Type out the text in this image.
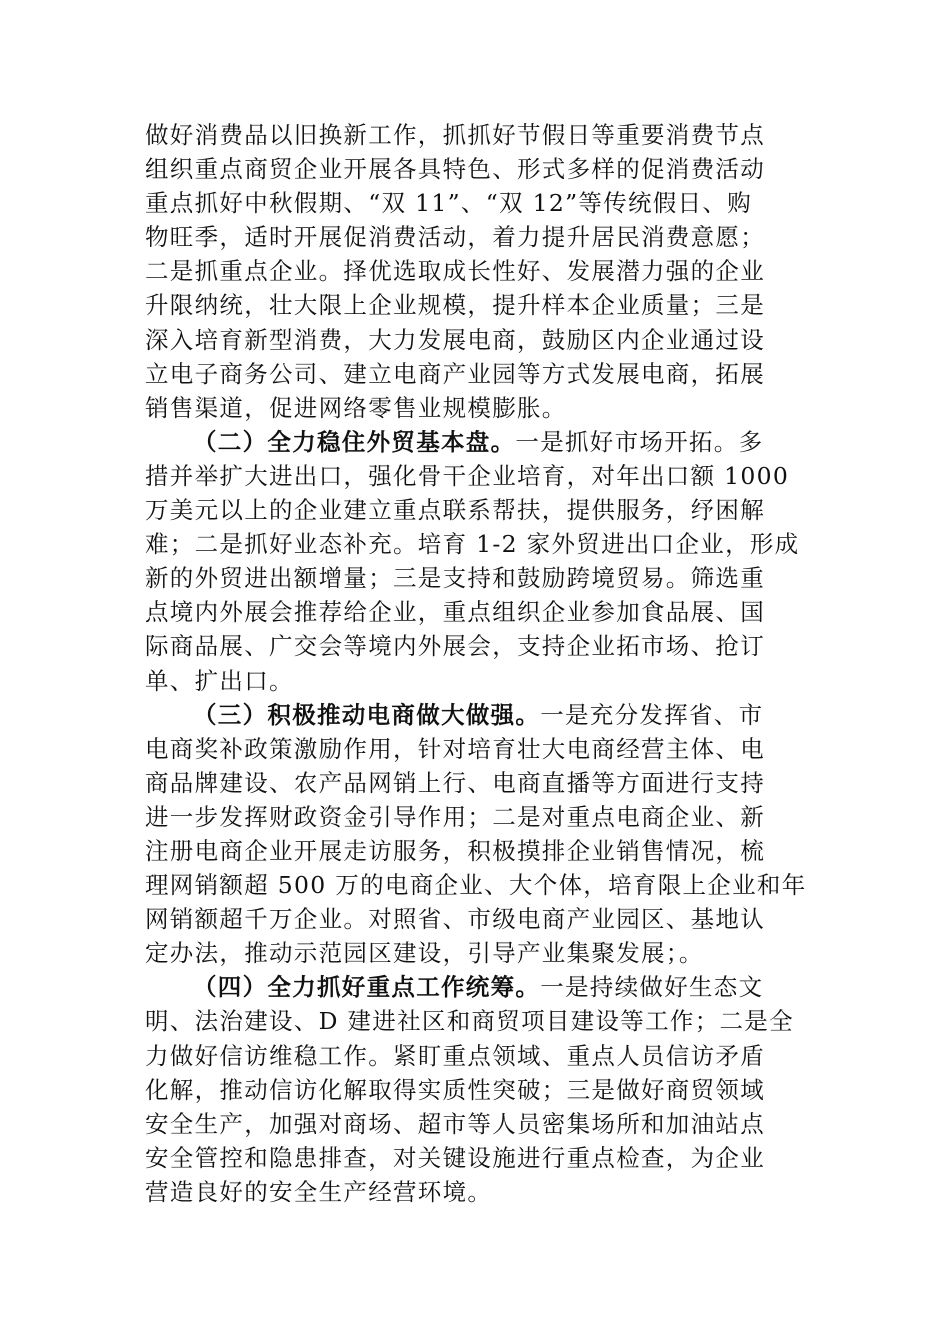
做好消费品以旧换新工作，抓抓好节假日等重要消费节点
组织重点商贸企业开展各具特色、形式多样的促消费活动
重点抓好中秋假期、“双 11”、“双 12”等传统假日、购
物旺季，适时开展促消费活动，着力提升居民消费意愿；
二是抓重点企业。择优选取成长性好、发展潜力强的企业
升限纳统，壮大限上企业规模，提升样本企业质量；三是
深入培育新型消费，大力发展电商，鼓励区内企业通过设
立电子商务公司、建立电商产业园等方式发展电商，拓展
销售渠道，促进网络零售业规模膨胀。
（二）全力稳住外贸基本盘。一是抓好市场开拓。多
措并举扩大进出口，强化骨干企业培育，对年出口额 1000
万美元以上的企业建立重点联系帮扶，提供服务，纾困解
难；二是抓好业态补充。培育 1-2 家外贸进出口企业，形成
新的外贸进出额增量；三是支持和鼓励跨境贸易。筛选重
点境内外展会推荐给企业，重点组织企业参加食品展、国
际商品展、广交会等境内外展会，支持企业拓市场、抢订
单、扩出口。
（三）积极推动电商做大做强。一是充分发挥省、市
电商奖补政策激励作用，针对培育壮大电商经营主体、电
商品牌建设、农产品网销上行、电商直播等方面进行支持
进一步发挥财政资金引导作用；二是对重点电商企业、新
注册电商企业开展走访服务，积极摸排企业销售情况，梳
理网销额超 500 万的电商企业、大个体，培育限上企业和年
网销额超千万企业。对照省、市级电商产业园区、基地认
定办法，推动示范园区建设，引导产业集聚发展；。
（四）全力抓好重点工作统筹。一是持续做好生态文
明、法治建设、D 建进社区和商贸项目建设等工作；二是全
力做好信访维稳工作。紧盯重点领域、重点人员信访矛盾
化解，推动信访化解取得实质性突破；三是做好商贸领域
安全生产，加强对商场、超市等人员密集场所和加油站点
安全管控和隐患排查，对关键设施进行重点检查，为企业
营造良好的安全生产经营环境。
